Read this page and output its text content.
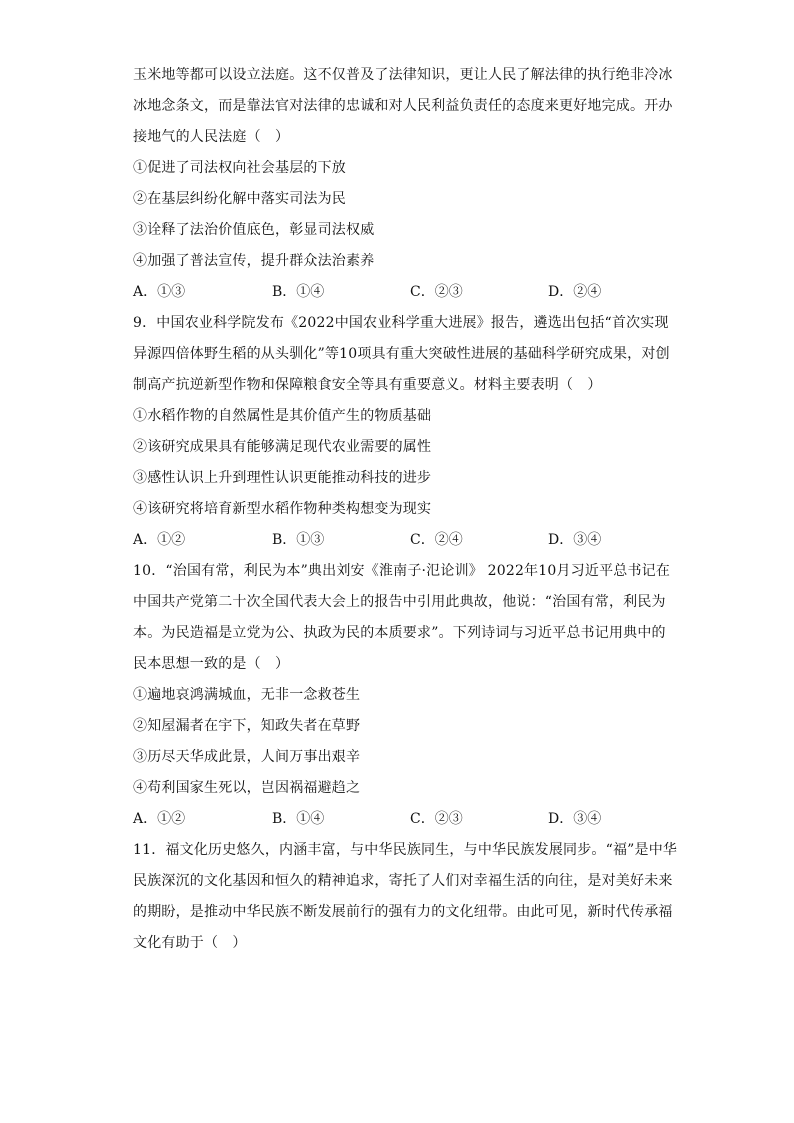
玉米地等都可以设立法庭。这不仅普及了法律知识，更让人民了解法律的执行绝非冷冰
冰地念条文，而是靠法官对法律的忠诚和对人民利益负责任的态度来更好地完成。开办
接地气的人民法庭（　）
①促进了司法权向社会基层的下放
②在基层纠纷化解中落实司法为民
③诠释了法治价值底色，彰显司法权威
④加强了普法宣传，提升群众法治素养
A．①③	B．①④	C．②③	D．②④
9．中国农业科学院发布《2022中国农业科学重大进展》报告，遴选出包括“首次实现
异源四倍体野生稻的从头驯化”等10项具有重大突破性进展的基础科学研究成果，对创
制高产抗逆新型作物和保障粮食安全等具有重要意义。材料主要表明（　）
①水稻作物的自然属性是其价值产生的物质基础
②该研究成果具有能够满足现代农业需要的属性
③感性认识上升到理性认识更能推动科技的进步
④该研究将培育新型水稻作物种类构想变为现实
A．①②	B．①③	C．②④	D．③④
10．“治国有常，利民为本”典出刘安《淮南子·氾论训》 2022年10月习近平总书记在
中国共产党第二十次全国代表大会上的报告中引用此典故，他说：“治国有常，利民为
本。为民造福是立党为公、执政为民的本质要求”。下列诗词与习近平总书记用典中的
民本思想一致的是（　）
①遍地哀鸿满城血，无非一念救苍生
②知屋漏者在宇下，知政失者在草野
③历尽天华成此景，人间万事出艰辛
④苟利国家生死以，岂因祸福避趋之
A．①②	B．①④	C．②③	D．③④
11．福文化历史悠久，内涵丰富，与中华民族同生，与中华民族发展同步。“福”是中华
民族深沉的文化基因和恒久的精神追求，寄托了人们对幸福生活的向往，是对美好未来
的期盼，是推动中华民族不断发展前行的强有力的文化纽带。由此可见，新时代传承福
文化有助于（　）
